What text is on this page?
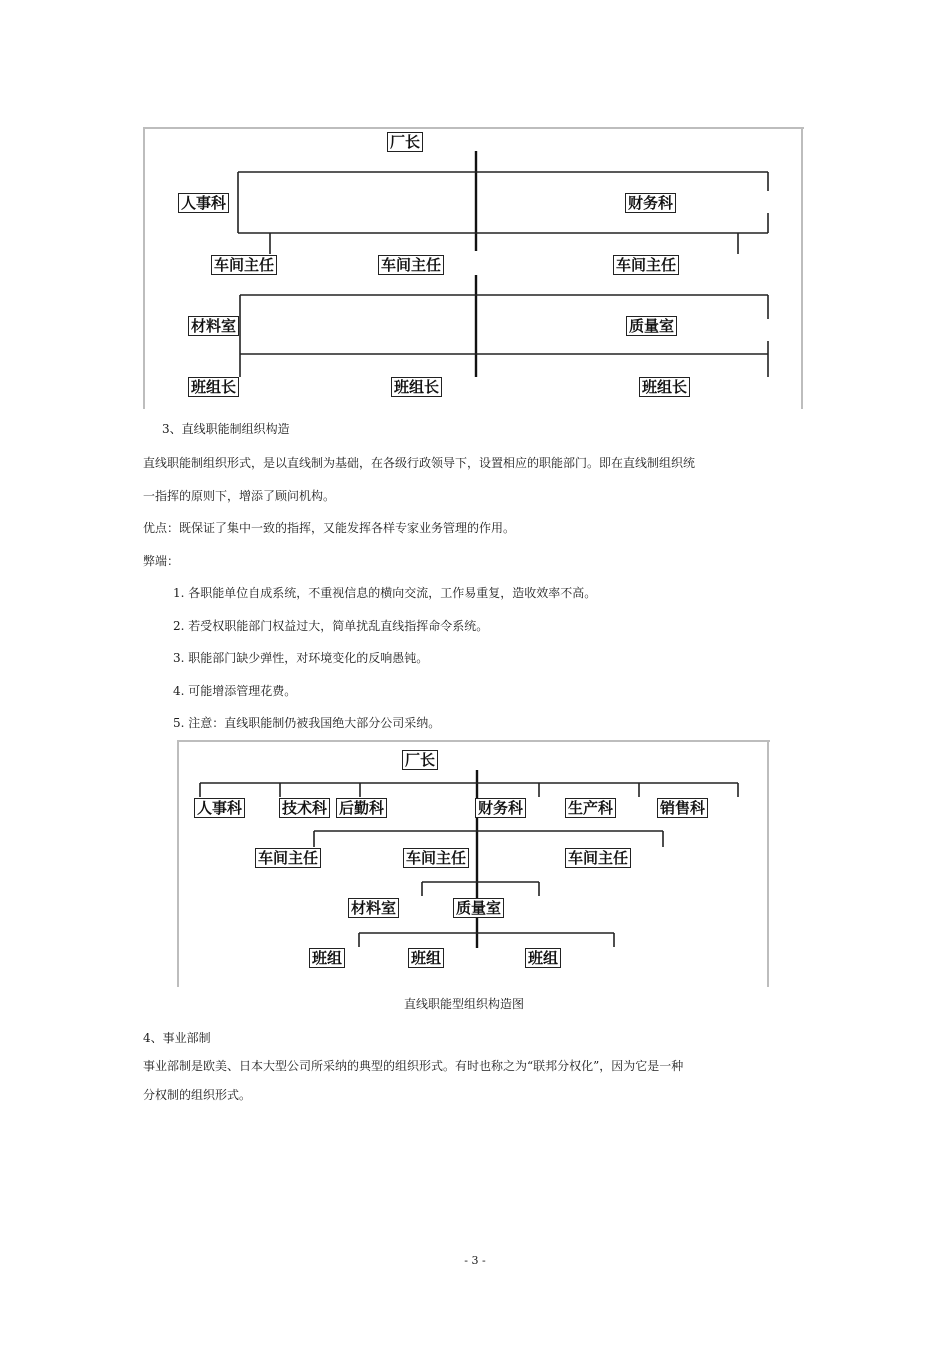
厂长
人事科	财务科
车间主任	车间主任	车间主任
材料室	质量室
班组长	班组长	班组长
3、直线职能制组织构造
直线职能制组织形式，是以直线制为基础，在各级行政领导下，设置相应的职能部门。即在直线制组织统
一指挥的原则下，增添了顾问机构。
优点：既保证了集中一致的指挥，又能发挥各样专家业务管理的作用。
弊端：
1. 各职能单位自成系统，不重视信息的横向交流，工作易重复，造收效率不高。
2. 若受权职能部门权益过大，简单扰乱直线指挥命令系统。
3. 职能部门缺少弹性，对环境变化的反响愚钝。
4. 可能增添管理花费。
5. 注意：直线职能制仍被我国绝大部分公司采纳。
厂长
人事科	技术科 后勤科	财务科	生产科	销售科
车间主任	车间主任	车间主任
材料室	质量室
班组	班组	班组
直线职能型组织构造图
4、事业部制
事业部制是欧美、日本大型公司所采纳的典型的组织形式。有时也称之为“联邦分权化”，因为它是一种
分权制的组织形式。
- 3 -
